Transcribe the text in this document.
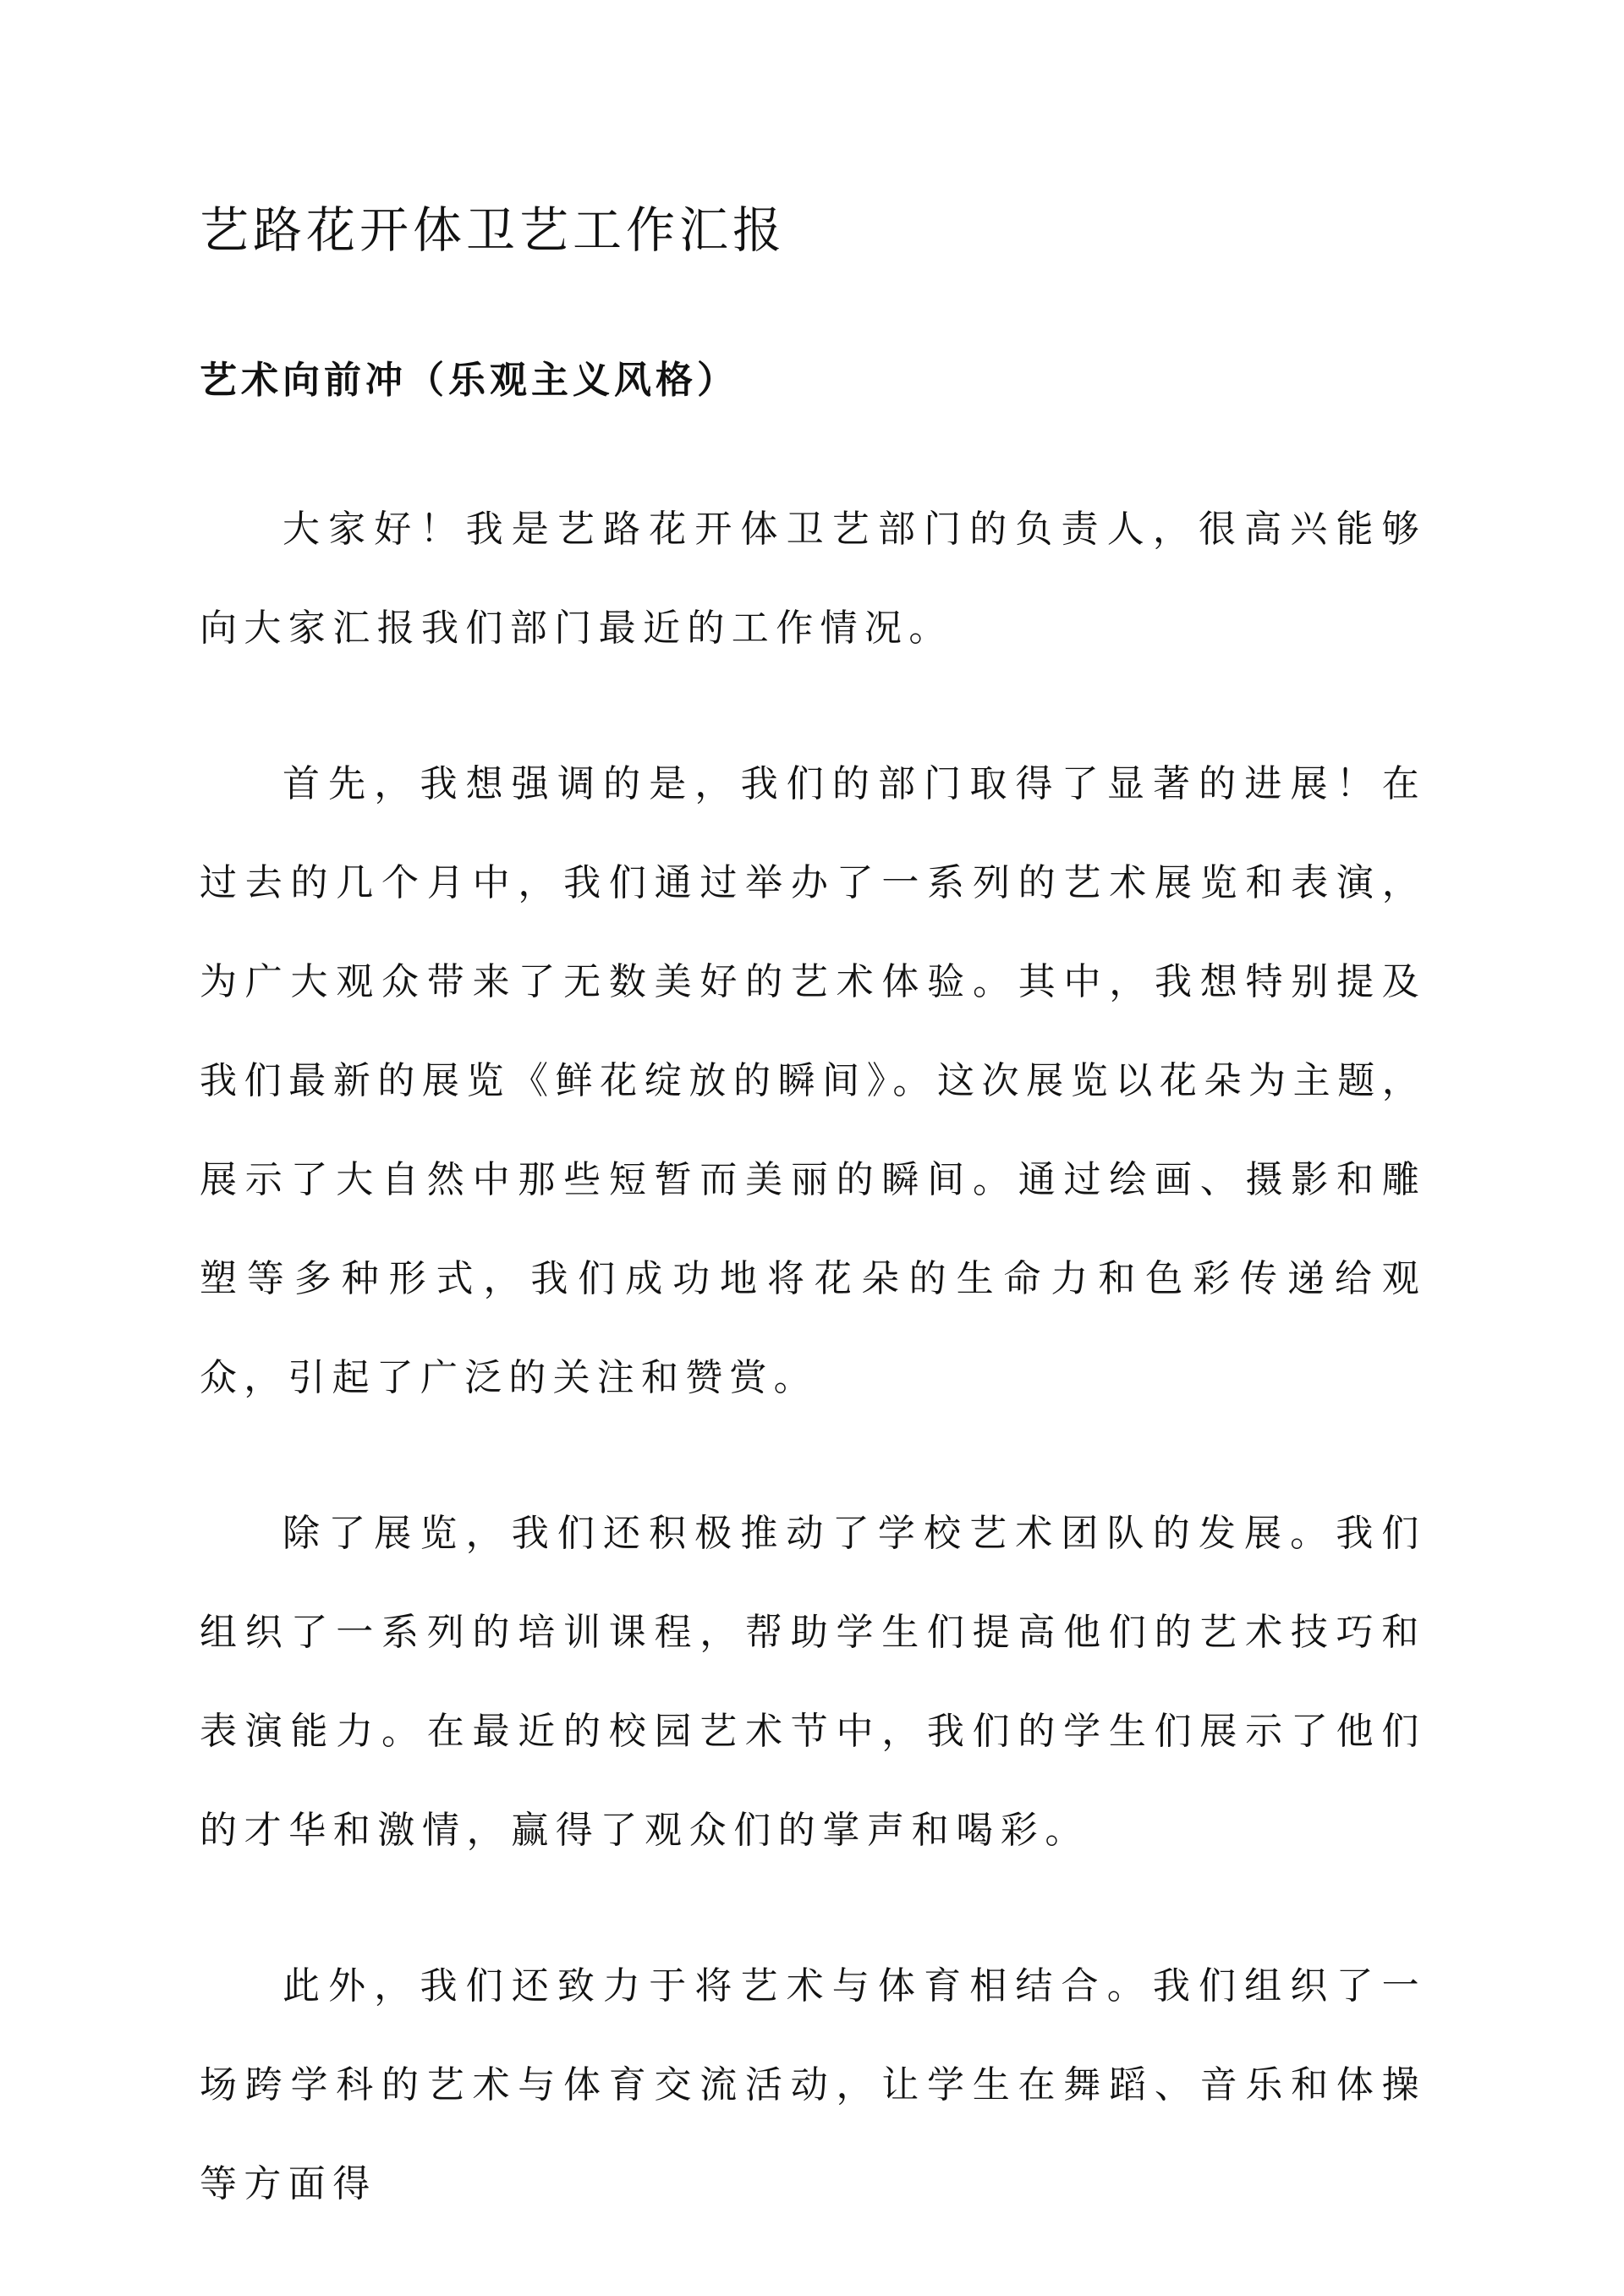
艺路花开体卫艺工作汇报
艺术向前冲（乐观主义风格）

大家好！我是艺路花开体卫艺部门的负责人，很高兴能够向大家汇报我们部门最近的工作情况。

首先，我想强调的是，我们的部门取得了显著的进展！在过去的几个月中，我们通过举办了一系列的艺术展览和表演，为广大观众带来了无数美好的艺术体验。其中，我想特别提及我们最新的展览《鲜花绽放的瞬间》。这次展览以花朵为主题，展示了大自然中那些短暂而美丽的瞬间。通过绘画、摄影和雕塑等多种形式，我们成功地将花朵的生命力和色彩传递给观众，引起了广泛的关注和赞赏。

除了展览，我们还积极推动了学校艺术团队的发展。我们组织了一系列的培训课程，帮助学生们提高他们的艺术技巧和表演能力。在最近的校园艺术节中，我们的学生们展示了他们的才华和激情，赢得了观众们的掌声和喝彩。

此外，我们还致力于将艺术与体育相结合。我们组织了一场跨学科的艺术与体育交流活动，让学生在舞蹈、音乐和体操等方面得
